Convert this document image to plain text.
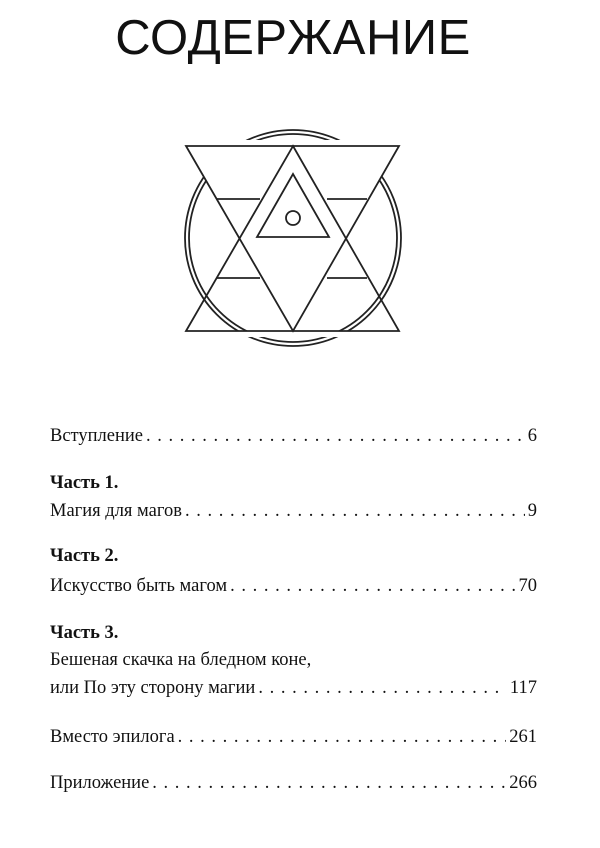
СОДЕРЖАНИЕ
Вступление . . .	6
Часть 1.
Магия для магов . . .	9
Часть 2.
Искусство быть магом . . .	70
Часть 3.
Бешеная скачка на бледном коне,
или По эту сторону магии . . .	117
Вместо эпилога . . .	261
Приложение . . .	266
